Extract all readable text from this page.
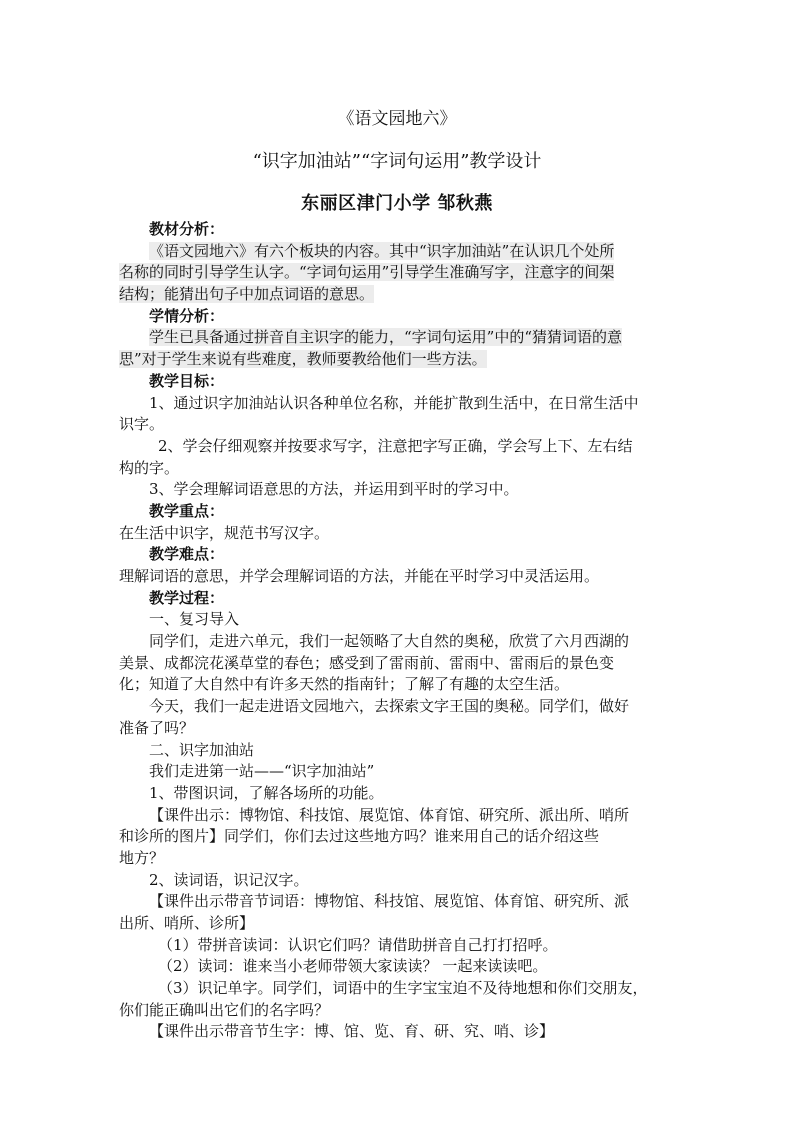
《语文园地六》
“识字加油站”“字词句运用”教学设计
东丽区津门小学 邹秋燕
教材分析：
《语文园地六》有六个板块的内容。其中“识字加油站”在认识几个处所
名称的同时引导学生认字。“字词句运用”引导学生准确写字，注意字的间架
结构；能猜出句子中加点词语的意思。
学情分析：
学生已具备通过拼音自主识字的能力，“字词句运用”中的“猜猜词语的意
思”对于学生来说有些难度，教师要教给他们一些方法。
教学目标：
1、通过识字加油站认识各种单位名称，并能扩散到生活中，在日常生活中
识字。
2、学会仔细观察并按要求写字，注意把字写正确，学会写上下、左右结
构的字。
3、学会理解词语意思的方法，并运用到平时的学习中。
教学重点：
在生活中识字，规范书写汉字。
教学难点：
理解词语的意思，并学会理解词语的方法，并能在平时学习中灵活运用。
教学过程：
一、复习导入
同学们，走进六单元，我们一起领略了大自然的奥秘，欣赏了六月西湖的
美景、成都浣花溪草堂的春色；感受到了雷雨前、雷雨中、雷雨后的景色变
化；知道了大自然中有许多天然的指南针；了解了有趣的太空生活。
今天，我们一起走进语文园地六，去探索文字王国的奥秘。同学们，做好
准备了吗？
二、识字加油站
我们走进第一站——“识字加油站”
1、带图识词，了解各场所的功能。
【课件出示：博物馆、科技馆、展览馆、体育馆、研究所、派出所、哨所
和诊所的图片】同学们，你们去过这些地方吗？谁来用自己的话介绍这些
地方？
2、读词语，识记汉字。
【课件出示带音节词语：博物馆、科技馆、展览馆、体育馆、研究所、派
出所、哨所、诊所】
（1）带拼音读词：认识它们吗？请借助拼音自己打打招呼。
（2）读词：谁来当小老师带领大家读读？ 一起来读读吧。
（3）识记单字。同学们，词语中的生字宝宝迫不及待地想和你们交朋友，
你们能正确叫出它们的名字吗？
【课件出示带音节生字：博、馆、览、育、研、究、哨、诊】
